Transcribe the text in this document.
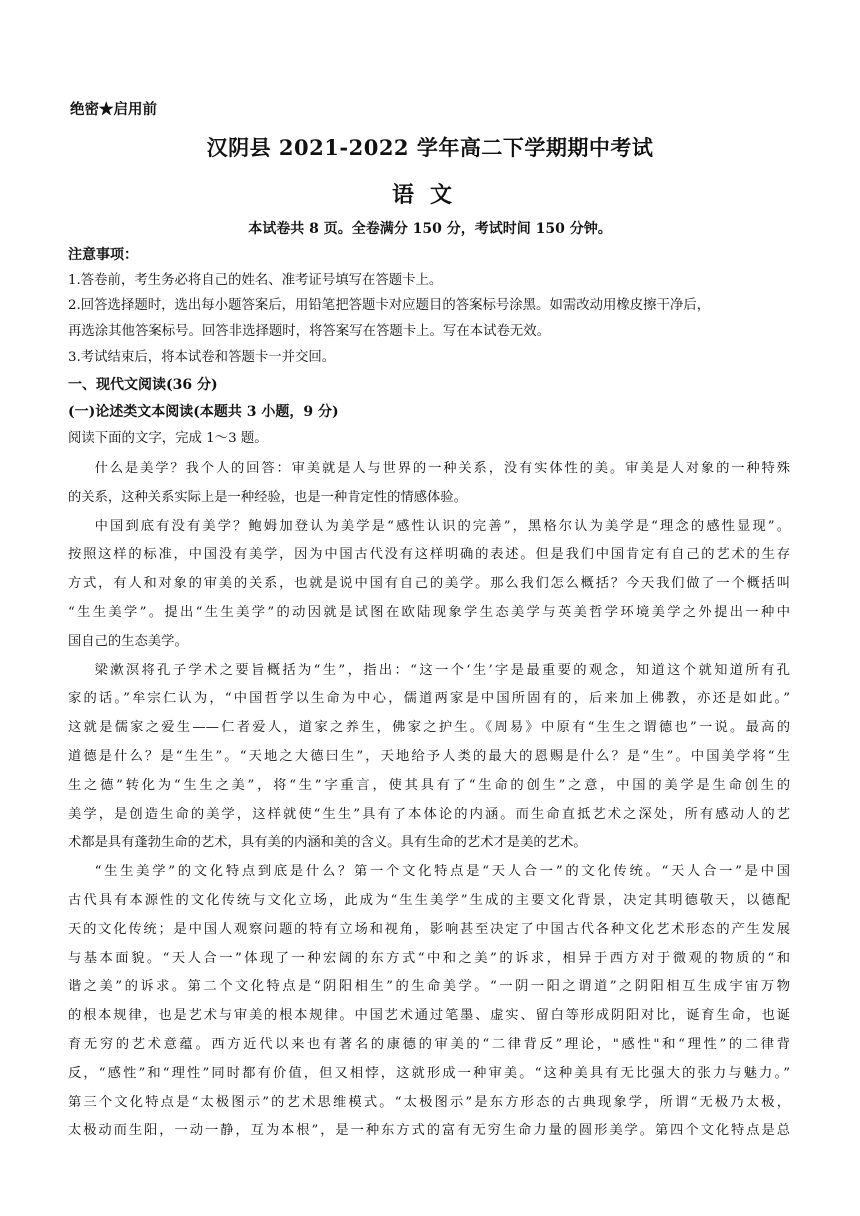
绝密★启用前
汉阴县 2021-2022 学年高二下学期期中考试
语文
本试卷共 8 页。全卷满分 150 分，考试时间 150 分钟。
注意事项：
1.答卷前，考生务必将自己的姓名、准考证号填写在答题卡上。
2.回答选择题时，选出每小题答案后，用铅笔把答题卡对应题目的答案标号涂黑。如需改动用橡皮擦干净后，
再选涂其他答案标号。回答非选择题时，将答案写在答题卡上。写在本试卷无效。
3.考试结束后，将本试卷和答题卡一并交回。
一、现代文阅读(36 分)
(一)论述类文本阅读(本题共 3 小题，9 分)
阅读下面的文字，完成 1～3 题。
什么是美学？我个人的回答：审美就是人与世界的一种关系，没有实体性的美。审美是人对象的一种特殊
的关系，这种关系实际上是一种经验，也是一种肯定性的情感体验。
中国到底有没有美学？鲍姆加登认为美学是“感性认识的完善”，黑格尔认为美学是“理念的感性显现”。
按照这样的标准，中国没有美学，因为中国古代没有这样明确的表述。但是我们中国肯定有自己的艺术的生存
方式，有人和对象的审美的关系，也就是说中国有自己的美学。那么我们怎么概括？今天我们做了一个概括叫
“生生美学”。提出“生生美学”的动因就是试图在欧陆现象学生态美学与英美哲学环境美学之外提出一种中
国自己的生态美学。
梁漱溟将孔子学术之要旨概括为“生”，指出：“这一个‘生’字是最重要的观念，知道这个就知道所有孔
家的话。”牟宗仁认为，“中国哲学以生命为中心，儒道两家是中国所固有的，后来加上佛教，亦还是如此。”
这就是儒家之爱生——仁者爱人，道家之养生，佛家之护生。《周易》中原有“生生之谓德也”一说。最高的
道德是什么？是“生生”。“天地之大德曰生”，天地给予人类的最大的恩赐是什么？是“生”。中国美学将“生
生之德”转化为“生生之美”，将“生”字重言，使其具有了“生命的创生”之意，中国的美学是生命创生的
美学，是创造生命的美学，这样就使“生生”具有了本体论的内涵。而生命直抵艺术之深处，所有感动人的艺
术都是具有蓬勃生命的艺术，具有美的内涵和美的含义。具有生命的艺术才是美的艺术。
“生生美学”的文化特点到底是什么？第一个文化特点是“天人合一”的文化传统。“天人合一”是中国
古代具有本源性的文化传统与文化立场，此成为“生生美学”生成的主要文化背景，决定其明德敬天，以德配
天的文化传统；是中国人观察问题的特有立场和视角，影响甚至决定了中国古代各种文化艺术形态的产生发展
与基本面貌。“天人合一”体现了一种宏阔的东方式“中和之美”的诉求，相异于西方对于微观的物质的“和
谐之美”的诉求。第二个文化特点是“阴阳相生”的生命美学。“一阴一阳之谓道”之阴阳相互生成宇宙万物
的根本规律，也是艺术与审美的根本规律。中国艺术通过笔墨、虚实、留白等形成阴阳对比，诞育生命，也诞
育无穷的艺术意蕴。西方近代以来也有著名的康德的审美的“二律背反”理论，"感性"和“理性”的二律背
反，“感性”和“理性”同时都有价值，但又相悖，这就形成一种审美。“这种美具有无比强大的张力与魅力。”
第三个文化特点是“太极图示”的艺术思维模式。“太极图示”是东方形态的古典现象学，所谓“无极乃太极，
太极动而生阳，一动一静，互为本根”，是一种东方式的富有无穷生命力量的圆形美学。第四个文化特点是总
